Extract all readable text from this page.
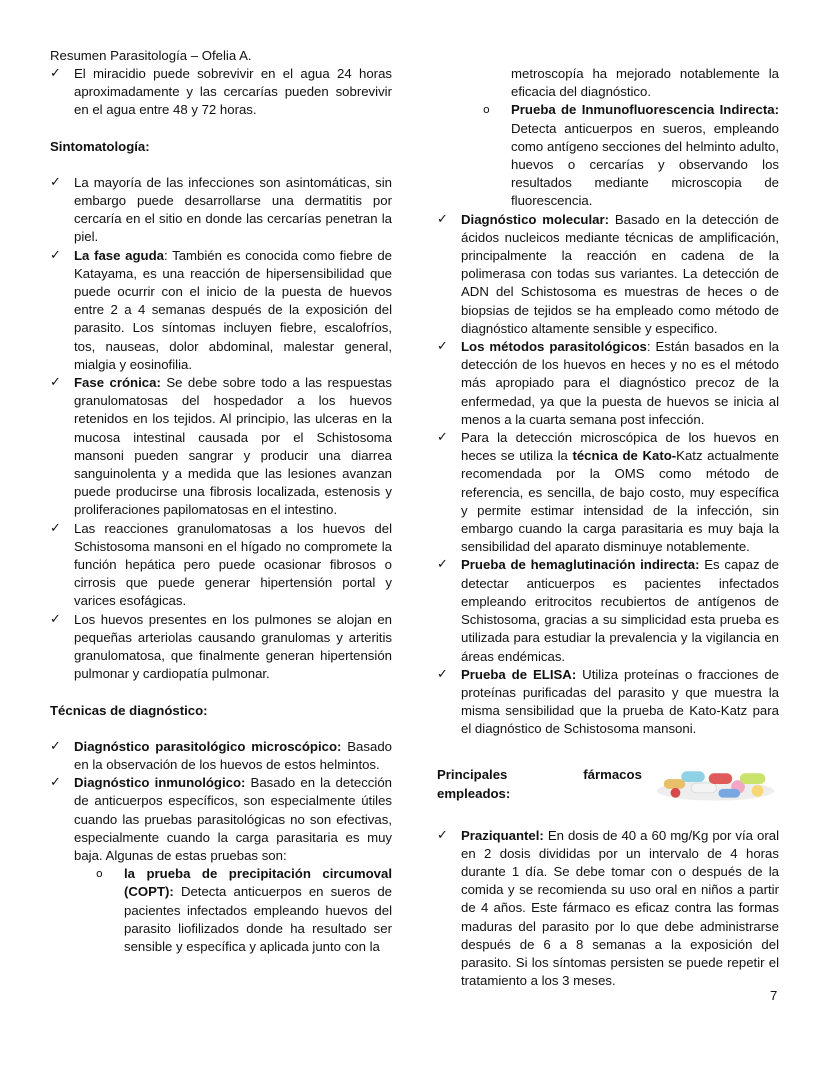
Resumen Parasitología – Ofelia A.

✓ El miracidio puede sobrevivir en el agua 24 horas aproximadamente y las cercarías pueden sobrevivir en el agua entre 48 y 72 horas.

Sintomatología:

✓ La mayoría de las infecciones son asintomáticas, sin embargo puede desarrollarse una dermatitis por cercaría en el sitio en donde las cercarías penetran la piel.

✓ La fase aguda: También es conocida como fiebre de Katayama, es una reacción de hipersensibilidad que puede ocurrir con el inicio de la puesta de huevos entre 2 a 4 semanas después de la exposición del parasito. Los síntomas incluyen fiebre, escalofríos, tos, nauseas, dolor abdominal, malestar general, mialgia y eosinofilia.

✓ Fase crónica: Se debe sobre todo a las respuestas granulomatosas del hospedador a los huevos retenidos en los tejidos. Al principio, las ulceras en la mucosa intestinal causada por el Schistosoma mansoni pueden sangrar y producir una diarrea sanguinolenta y a medida que las lesiones avanzan puede producirse una fibrosis localizada, estenosis y proliferaciones papilomatosas en el intestino.

✓ Las reacciones granulomatosas a los huevos del Schistosoma mansoni en el hígado no compromete la función hepática pero puede ocasionar fibrosos o cirrosis que puede generar hipertensión portal y varices esofágicas.

✓ Los huevos presentes en los pulmones se alojan en pequeñas arteriolas causando granulomas y arteritis granulomatosa, que finalmente generan hipertensión pulmonar y cardiopatía pulmonar.

Técnicas de diagnóstico:

✓ Diagnóstico parasitológico microscópico: Basado en la observación de los huevos de estos helmintos.

✓ Diagnóstico inmunológico: Basado en la detección de anticuerpos específicos, son especialmente útiles cuando las pruebas parasitológicas no son efectivas, especialmente cuando la carga parasitaria es muy baja. Algunas de estas pruebas son:

o la prueba de precipitación circumoval (COPT): Detecta anticuerpos en sueros de pacientes infectados empleando huevos del parasito liofilizados donde ha resultado ser sensible y específica y aplicada junto con la

metroscopía ha mejorado notablemente la eficacia del diagnóstico.

o Prueba de Inmunofluorescencia Indirecta: Detecta anticuerpos en sueros, empleando como antígeno secciones del helminto adulto, huevos o cercarías y observando los resultados mediante microscopia de fluorescencia.

✓ Diagnóstico molecular: Basado en la detección de ácidos nucleicos mediante técnicas de amplificación, principalmente la reacción en cadena de la polimerasa con todas sus variantes. La detección de ADN del Schistosoma es muestras de heces o de biopsias de tejidos se ha empleado como método de diagnóstico altamente sensible y especifico.

✓ Los métodos parasitológicos: Están basados en la detección de los huevos en heces y no es el método más apropiado para el diagnóstico precoz de la enfermedad, ya que la puesta de huevos se inicia al menos a la cuarta semana post infección.

✓ Para la detección microscópica de los huevos en heces se utiliza la técnica de Kato-Katz actualmente recomendada por la OMS como método de referencia, es sencilla, de bajo costo, muy específica y permite estimar intensidad de la infección, sin embargo cuando la carga parasitaria es muy baja la sensibilidad del aparato disminuye notablemente.

✓ Prueba de hemaglutinación indirecta: Es capaz de detectar anticuerpos es pacientes infectados empleando eritrocitos recubiertos de antígenos de Schistosoma, gracias a su simplicidad esta prueba es utilizada para estudiar la prevalencia y la vigilancia en áreas endémicas.

✓ Prueba de ELISA: Utiliza proteínas o fracciones de proteínas purificadas del parasito y que muestra la misma sensibilidad que la prueba de Kato-Katz para el diagnóstico de Schistosoma mansoni.

Principales fármacos empleados:

✓ Praziquantel: En dosis de 40 a 60 mg/Kg por vía oral en 2 dosis divididas por un intervalo de 4 horas durante 1 día. Se debe tomar con o después de la comida y se recomienda su uso oral en niños a partir de 4 años. Este fármaco es eficaz contra las formas maduras del parasito por lo que debe administrarse después de 6 a 8 semanas a la exposición del parasito. Si los síntomas persisten se puede repetir el tratamiento a los 3 meses.

7
